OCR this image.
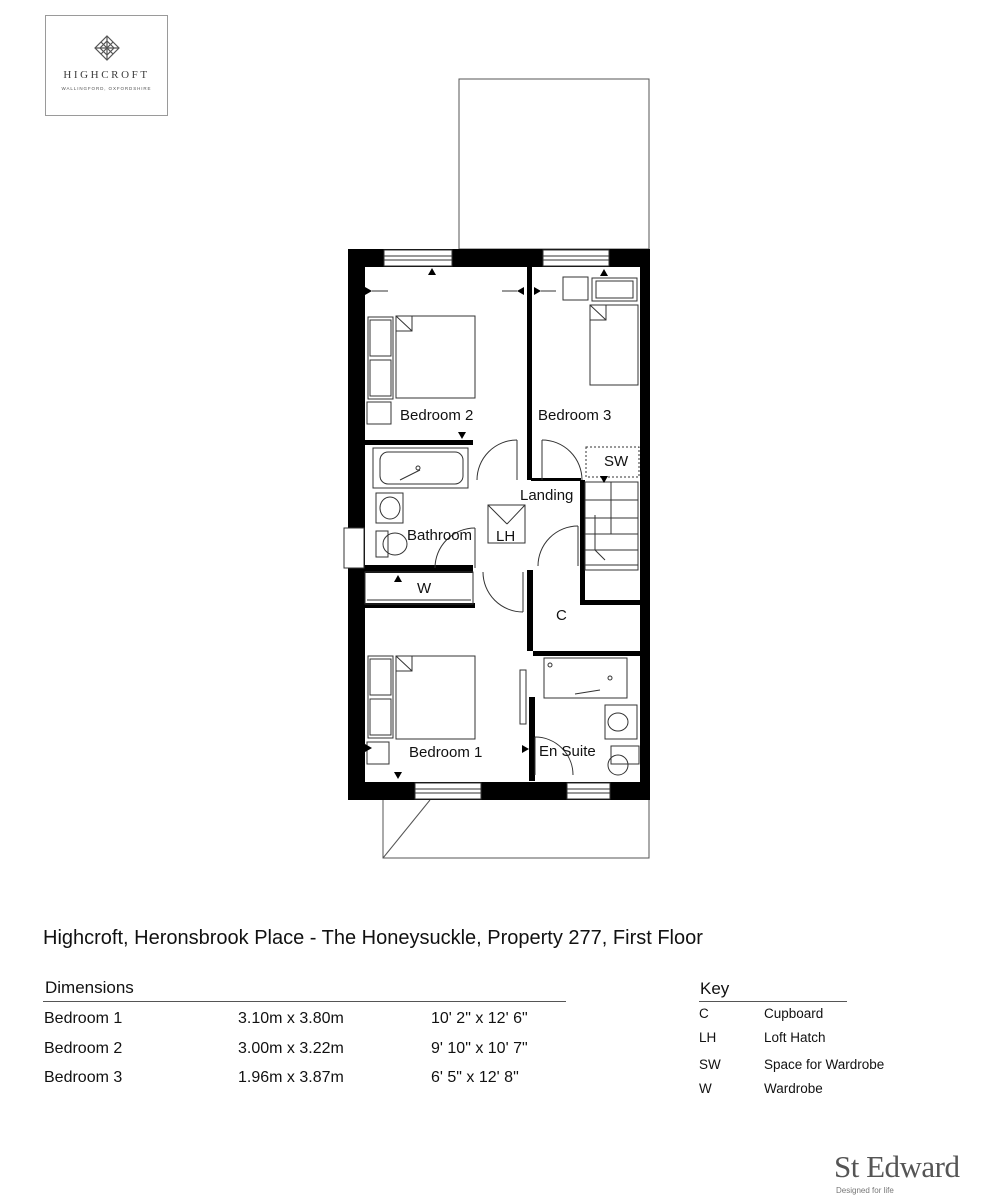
HIGHCROFT
WALLINGFORD, OXFORDSHIRE
Bedroom 2	Bedroom 3
SW
Landing
Bathroom LH
W
C
Bedroom 1	En Suite
Highcroft, Heronsbrook Place - The Honeysuckle, Property 277, First Floor
Dimensions
Bedroom 1	3.10m x 3.80m	10' 2" x 12' 6"
Bedroom 2	3.00m x 3.22m	9' 10" x 10' 7"
Bedroom 3	1.96m x 3.87m	6' 5" x 12' 8"
Key
C	Cupboard
LH	Loft Hatch
SW	Space for Wardrobe
W	Wardrobe
St Edward
Designed for life
